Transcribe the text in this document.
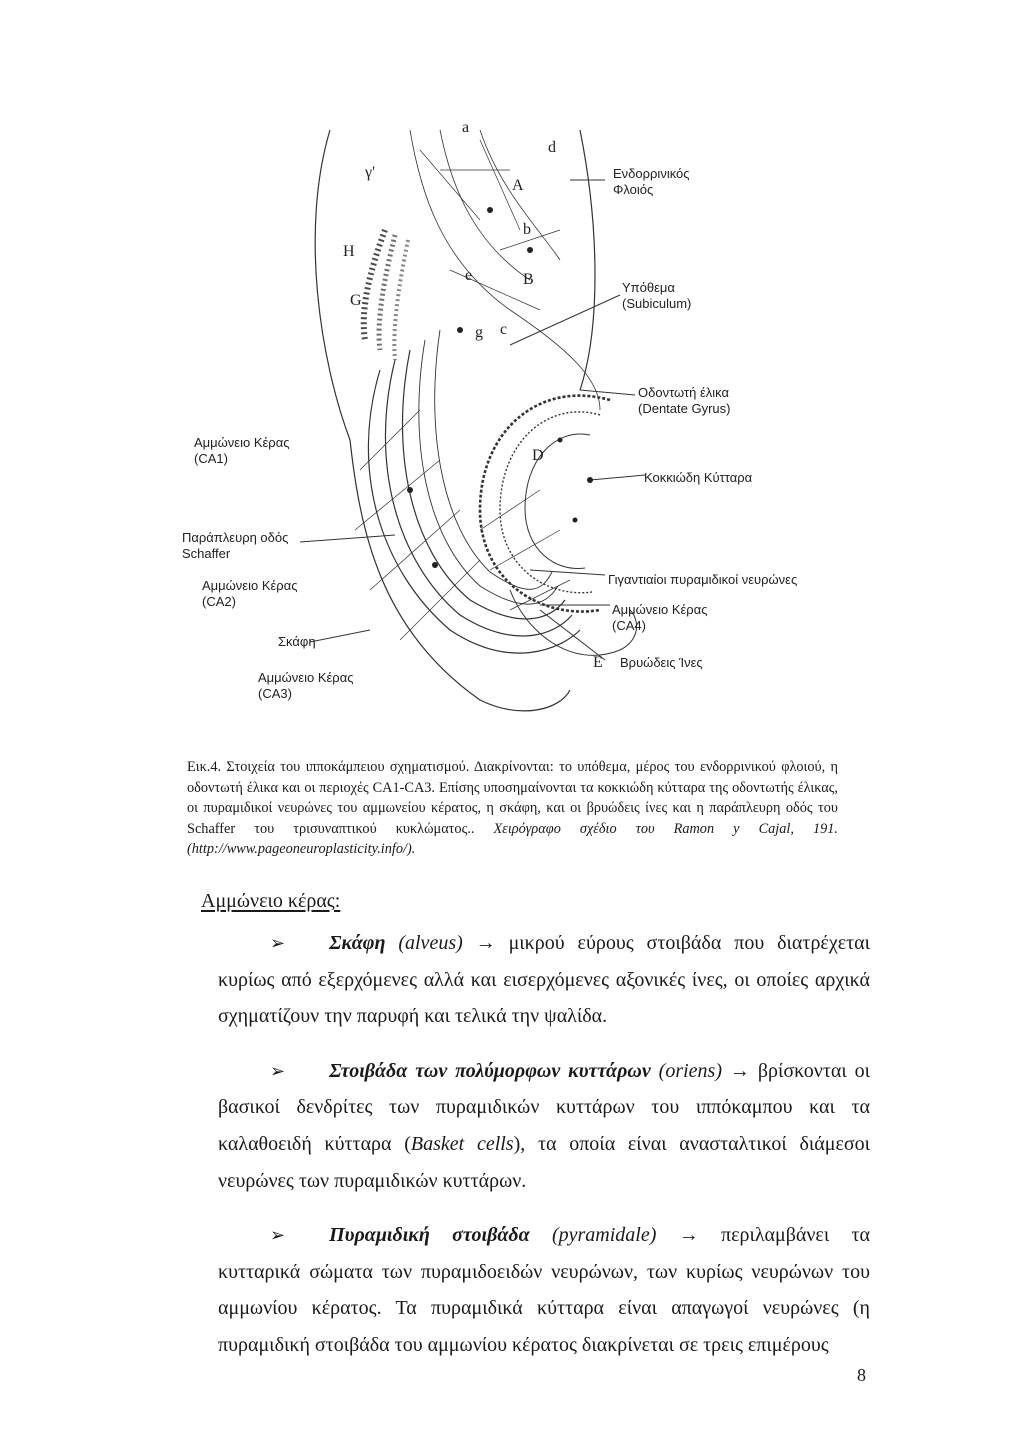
Ενδορρινικός
Φλοιός
Υπόθεμα
(Subiculum)
Οδοντωτή έλικα
(Dentate Gyrus)
Κοκκιώδη Κύτταρα
Αμμώνειο Κέρας
(CA1)
Παράπλευρη οδός
Schaffer
Αμμώνειο Κέρας
(CA2)
Σκάφη
Αμμώνειο Κέρας
(CA3)
Γιγαντιαίοι πυραμιδικοί νευρώνες
Αμμώνειο Κέρας
(CA4)
Βρυώδεις Ίνες
a
d
γ'
A
b
H
B
G
g c
D
E
e

Εικ.4. Στοιχεία του ιπποκάμπειου σχηματισμού. Διακρίνονται: το υπόθεμα, μέρος του ενδορρινικού φλοιού, η οδοντωτή έλικα και οι περιοχές CA1-CA3. Επίσης υποσημαίνονται τα κοκκιώδη κύτταρα της οδοντωτής έλικας, οι πυραμιδικοί νευρώνες του αμμωνείου κέρατος, η σκάφη, και οι βρυώδεις ίνες και η παράπλευρη οδός του Schaffer του τρισυναπτικού κυκλώματος.. Χειρόγραφο σχέδιο του Ramon y Cajal, 191.(http://www.pageoneuroplasticity.info/).

Αμμώνειο κέρας:
➢ Σκάφη (alveus) → μικρού εύρους στοιβάδα που διατρέχεται κυρίως από εξερχόμενες αλλά και εισερχόμενες αξονικές ίνες, οι οποίες αρχικά σχηματίζουν την παρυφή και τελικά την ψαλίδα.
➢ Στοιβάδα των πολύμορφων κυττάρων (oriens) → βρίσκονται οι βασικοί δενδρίτες των πυραμιδικών κυττάρων του ιππόκαμπου και τα καλαθοειδή κύτταρα (Basket cells), τα οποία είναι ανασταλτικοί διάμεσοι νευρώνες των πυραμιδικών κυττάρων.
➢ Πυραμιδική στοιβάδα (pyramidale) → περιλαμβάνει τα κυτταρικά σώματα των πυραμιδοειδών νευρώνων, των κυρίως νευρώνων του αμμωνίου κέρατος. Τα πυραμιδικά κύτταρα είναι απαγωγοί νευρώνες (η πυραμιδική στοιβάδα του αμμωνίου κέρατος διακρίνεται σε τρεις επιμέρους
8
